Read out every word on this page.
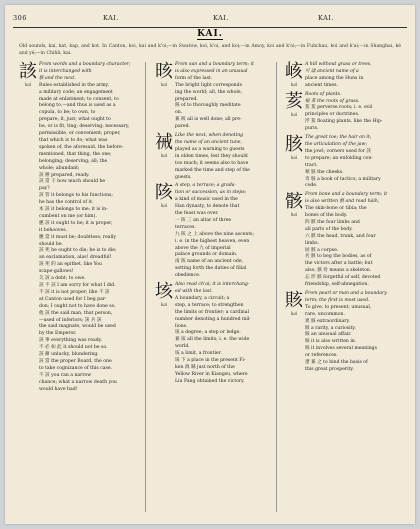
306	KAI.	KAI.	KAI.
KAI.
Old sounds, kai, kat, kap, and kot. In Canton, koi, kai and k'oi;—in Swatow, koi, k'oi, and koi;—in Amoy, koi and k'oi;—in Fuhchau, koi and k'ai;—in Shanghai, ké and yé;—in Chihli, kai.
該
kai
From words and a boundary character; it is interchanged with
駭 and the next.
Rules established in the army,
a military code; an engagement
made at enlistment; to consent, to
belong to,—and thus is used as a
copula, to be; to own, to
prepare; it, just; what ought to
be, or is fit, ting; deserving; necessary,
permissible, or convenient; proper,
that which is to do; what was
spoken of, the aforesaid, the before-
mentioned, that thing, the one;
belonging; deserving; all; the
whole; abundant;
該 辦 prepared, ready.
該 當 干 how much should be
pay?
該 管 it belongs to his functions;
he has the control of it.
本 該 it belongs to me; it is in-
cumbent on me (or him).
應 該 it ought to be; it is proper,
it behooves.
應 當 it must be; doubtless; really
should be.
該 死 he ought to die; he is to die;
an exclamation, alas! dreadful!
該 死 的 an epithet, like You
scape-gallows!
欠 該 a debt; to owe.
該 不 該 I am sorry for what I did.
不 該 it is not proper; like 不 該
at Canton used for I beg par-
don; I ought not to have done so.
他 該 the said man, that person,
—used of inferiors; 該 兵 該
the said magnate, would be used
by the Emperor.
該 事 everything was ready.
不 必 如 此 it should not be so.
該 漸 unlucky, blundering.
該 當 the proper Board, the one
to take cognizance of this case.
不 該 you ran a narrow
chance; what a narrow death you
would have had!
晐
kai
From sun and a boundary term; it
is also expressed in an unusual
form of the last.
The bright light corresponds
ing the world; all, the whole,
prepared.
晐 of to thoroughly meditate
on.
兼 晐 all is well done; all pre-
pared.
祴
kai
Like the next, when denoting
the name of an ancient tune,
played as a warning to guests
in olden times, lest they should
too much; it seems also to have
marked the time and step of the
guests.
陔
kai
A step, a terrace; a grada-
tion or succession, as in steps;
a kind of music used in the
Han dynasty, to denote that
the feast was over.
一 陔 三 an altar of three
terraces.
九 陔 之 上 above the nine ascents;
i. e. in the highest heaven, even
above the 九 of imperial
palace grounds or domain.
南 陔 name of an ancient ode,
setting forth the duties of filial
obedience.
垓
kai
Also read ch'ai; it is interchang-
ed with the last.
A boundary, a circuit; a
step, a terrace; to strengthen
the limits or frontier; a cardinal
number denoting a hundred mil-
lions.
垓 a degree; a step or ledge.
兼 垓 all the limits; i. e. the wide
world.
垓 a limit, a frontier.
垓 下 a place in the present Fi-
ken 滇 縣 just north of the
Yellow River in Kiangsu, where
Liu Pang obtained the victory.
峐
kai
A hill without grass or trees.
可 諡 ancient name of a
place among the Huns in
ancient times.
荄
kai
Roots of plants.
根 荄 the roots of grass.
荄 荄 perverse roots; i. e. evil
principles or doctrines.
浮 荄 floating plants, like the Hip-
puris.
胲
kai
The great toe; the hair on it;
the articulation of the jaw;
the jowl; corners used for 該
to prepare; an enfolding con-
tract.
頰 胲 the cheeks.
奇 胲 a book of tactics; a military
code.
骸
hai
From bone and a boundary term; it
is also written 骸 and read hàih,
The skin-bone or tibia; the
bones of the body.
四 骸 the four limbs and
all parts of the body.
六 骸 the head, trunk, and four
limbs.
屍 骸 a corpse.
名 骸 to beg the bodies, as of
the victors after a battle; but
also, 骸 骨 means a skeleton.
忘 形 骸 forgetful of self, devoted
friendship, self-abnegation.
賅
kai
From pearl or man and a boundary
term; the first is most used.
To give, to present; unusual,
rare, uncommon.
異 賅 extraordinary.
賅 a rarity, a curiosity.
賅 an unusual affair.
賅 it is also written in.
賅 it involves several meanings
or references.
遼 兼 之 to bind the basis of
this great prosperity.
